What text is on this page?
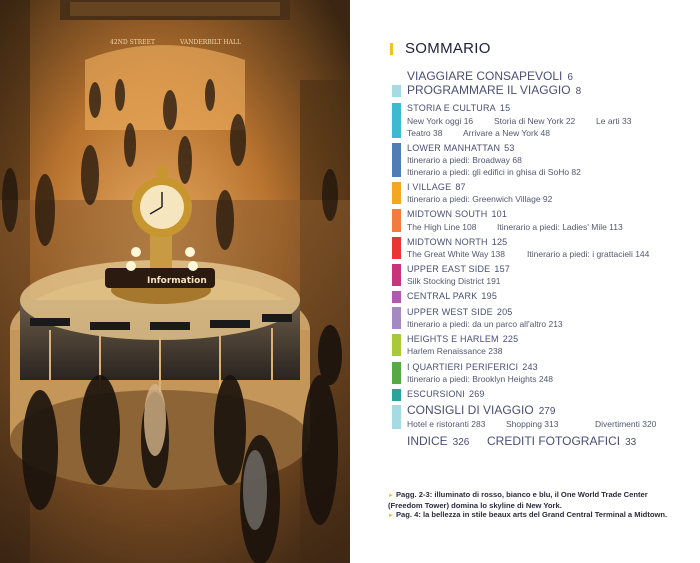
42ND STREET	VANDERBILT HALL
Information
SOMMARIO
VIAGGIARE CONSAPEVOLI 6
PROGRAMMARE IL VIAGGIO 8
STORIA E CULTURA 15
New York oggi 16 Storia di New York 22 Le arti 33
Teatro 38 Arrivare a New York 48
LOWER MANHATTAN 53
Itinerario a piedi: Broadway 68
Itinerario a piedi: gli edifici in ghisa di SoHo 82
I VILLAGE 87
Itinerario a piedi: Greenwich Village 92
MIDTOWN SOUTH 101
The High Line 108 Itinerario a piedi: Ladies' Mile 113
MIDTOWN NORTH 125
The Great White Way 138	Itinerario a piedi: i grattacieli 144
UPPER EAST SIDE 157
Silk Stocking District 191
CENTRAL PARK 195
UPPER WEST SIDE 205
Itinerario a piedi: da un parco all'altro 213
HEIGHTS E HARLEM 225
Harlem Renaissance 238
I QUARTIERI PERIFERICI 243
Itinerario a piedi: Brooklyn Heights 248
ESCURSIONI 269
CONSIGLI DI VIAGGIO 279
Hotel e ristoranti 283 Shopping 313	Divertimenti 320
INDICE 326 CREDITI FOTOGRAFICI 33
► Pagg. 2-3: illuminato di rosso, bianco e blu, il One World Trade Center (Freedom Tower) domina lo skyline di New York.
► Pag. 4: la bellezza in stile beaux arts del Grand Central Terminal a Midtown.
